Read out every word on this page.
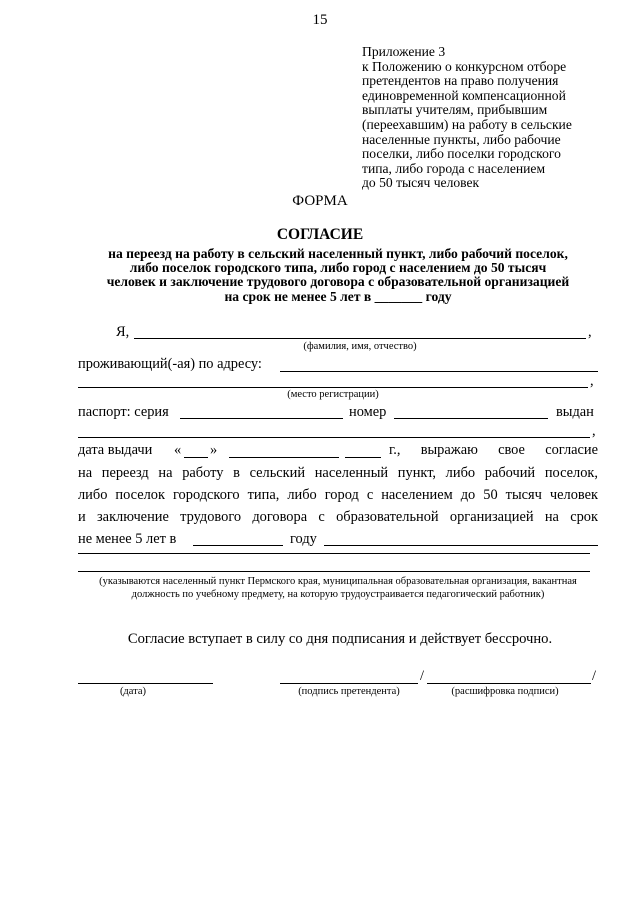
15
Приложение 3
к Положению о конкурсном отборе
претендентов на право получения
единовременной компенсационной
выплаты учителям, прибывшим
(переехавшим) на работу в сельские
населенные пункты, либо рабочие
поселки, либо поселки городского
типа, либо города с населением
до 50 тысяч человек
ФОРМА
СОГЛАСИЕ
на переезд на работу в сельский населенный пункт, либо рабочий поселок,
либо поселок городского типа, либо город с населением до 50 тысяч
человек и заключение трудового договора с образовательной организацией
на срок не менее 5 лет в _______ году
Я,	,
(фамилия, имя, отчество)
проживающий(-ая) по адресу:
,
(место регистрации)
паспорт: серия	номер	выдан
,
дата выдачи « »	г., выражаю свое согласие
на переезд на работу в сельский населенный пункт, либо рабочий поселок,
либо поселок городского типа, либо город с населением до 50 тысяч человек
и заключение трудового договора с образовательной организацией на срок
не менее 5 лет в	году
(указываются населенный пункт Пермского края, муниципальная образовательная организация, вакантная должность по учебному предмету, на которую трудоустраивается педагогический работник)
Согласие вступает в силу со дня подписания и действует бессрочно.
/	/
(дата)	(подпись претендента)	(расшифровка подписи)
